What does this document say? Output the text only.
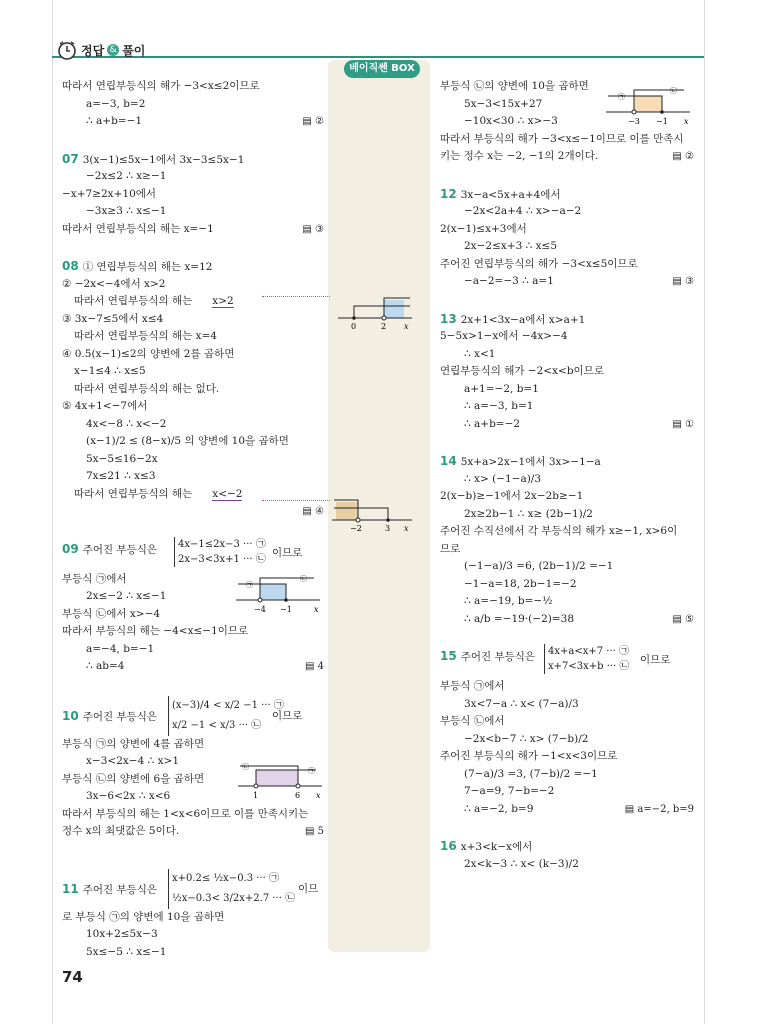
정답 & 풀이
베이직쎈 BOX
따라서 연립부등식의 해가 −3<x≤2이므로
a=−3, b=2
∴ a+b=−1	▤ ②
07 3(x−1)≤5x−1에서 3x−3≤5x−1
−2x≤2 ∴ x≥−1
−x+7≥2x+10에서
−3x≥3 ∴ x≤−1
따라서 연립부등식의 해는 x=−1	▤ ③
08 ① 연립부등식의 해는 x=12
② −2x<−4에서 x>2
따라서 연립부등식의 해는 x>2
③ 3x−7≤5에서 x≤4
따라서 연립부등식의 해는 x=4
④ 0.5(x−1)≤2의 양변에 2를 곱하면
x−1≤4 ∴ x≤5
따라서 연립부등식의 해는 없다.
⑤ 4x+1<−7에서
4x<−8 ∴ x<−2
(x−1)/2 ≤ (8−x)/5 의 양변에 10을 곱하면
5x−5≤16−2x
7x≤21 ∴ x≤3
따라서 연립부등식의 해는 x<−2
▤ ④
09 주어진 부등식은 4x−1≤2x−3 ··· ㉠
2x−3<3x+1 ··· ㉡
이므로
부등식 ㉠에서
2x≤−2 ∴ x≤−1
부등식 ㉡에서 x>−4
따라서 부등식의 해는 −4<x≤−1이므로
a=−4, b=−1
∴ ab=4	▤ 4
10 주어진 부등식은
(x−3)/4 < x/2 −1 ··· ㉠
x/2 −1 < x/3 ··· ㉡
이므로
부등식 ㉠의 양변에 4를 곱하면
x−3<2x−4 ∴ x>1
부등식 ㉡의 양변에 6을 곱하면
3x−6<2x ∴ x<6
따라서 부등식의 해는 1<x<6이므로 이를 만족시키는
정수 x의 최댓값은 5이다.	▤ 5
11 주어진 부등식은
x+0.2≤ ½x−0.3 ··· ㉠
½x−0.3< 3/2x+2.7 ··· ㉡
이므
로 부등식 ㉠의 양변에 10을 곱하면
10x+2≤5x−3
5x≤−5 ∴ x≤−1
부등식 ㉡의 양변에 10을 곱하면
5x−3<15x+27
−10x<30 ∴ x>−3
따라서 부등식의 해가 −3<x≤−1이므로 이를 만족시
키는 정수 x는 −2, −1의 2개이다.	▤ ②
12 3x−a<5x+a+4에서
−2x<2a+4 ∴ x>−a−2
2(x−1)≤x+3에서
2x−2≤x+3 ∴ x≤5
주어진 연립부등식의 해가 −3<x≤5이므로
−a−2=−3 ∴ a=1	▤ ③
13 2x+1<3x−a에서 x>a+1
5−5x>1−x에서 −4x>−4
∴ x<1
연립부등식의 해가 −2<x<b이므로
a+1=−2, b=1
∴ a=−3, b=1
∴ a+b=−2	▤ ①
14 5x+a>2x−1에서 3x>−1−a
∴ x> (−1−a)/3
2(x−b)≥−1에서 2x−2b≥−1
2x≥2b−1 ∴ x≥ (2b−1)/2
주어진 수직선에서 각 부등식의 해가 x≥−1, x>6이
므로
(−1−a)/3 =6, (2b−1)/2 =−1
−1−a=18, 2b−1=−2
∴ a=−19, b=−½
∴ a/b =−19·(−2)=38	▤ ⑤
15 주어진 부등식은 4x+a<x+7 ··· ㉠
x+7<3x+b ··· ㉡
이므로
부등식 ㉠에서
3x<7−a ∴ x< (7−a)/3
부등식 ㉡에서
−2x<b−7 ∴ x> (7−b)/2
주어진 부등식의 해가 −1<x<3이므로
(7−a)/3 =3, (7−b)/2 =−1
7−a=9, 7−b=−2
∴ a=−2, b=9	▤ a=−2, b=9
16 x+3<k−x에서
2x<k−3 ∴ x< (k−3)/2
0	2 x
−2	3 x
㉠
㉡
−4 −1	x
㉡	㉠
1	6 x
㉠
㉡
−3 −1 x
74
